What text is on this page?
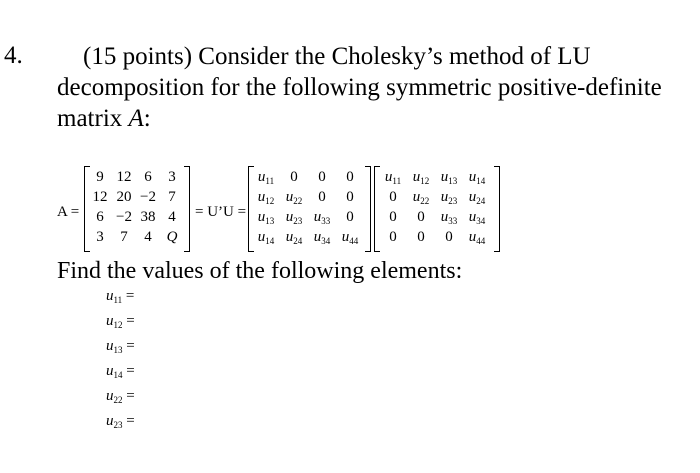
4. (15 points) Consider the Cholesky’s method of LU
decomposition for the following symmetric positive-definite
matrix A:
A =
9	12	6	3
12	20	−2	7
6	−2	38	4
3	7	4	Q
= U’U =
$u_{11}$	0	0	0
$u_{12}$	$u_{22}$	0	0
$u_{13}$	$u_{23}$	$u_{33}$	0
$u_{14}$	$u_{24}$	$u_{34}$	$u_{44}$
$u_{11}$	$u_{12}$	$u_{13}$	$u_{14}$
0	$u_{22}$	$u_{23}$	$u_{24}$
0	0	$u_{33}$	$u_{34}$
0	0	0	$u_{44}$
Find the values of the following elements:
$u_{11}$ =
$u_{12}$ =
$u_{13}$ =
$u_{14}$ =
$u_{22}$ =
$u_{23}$ =
